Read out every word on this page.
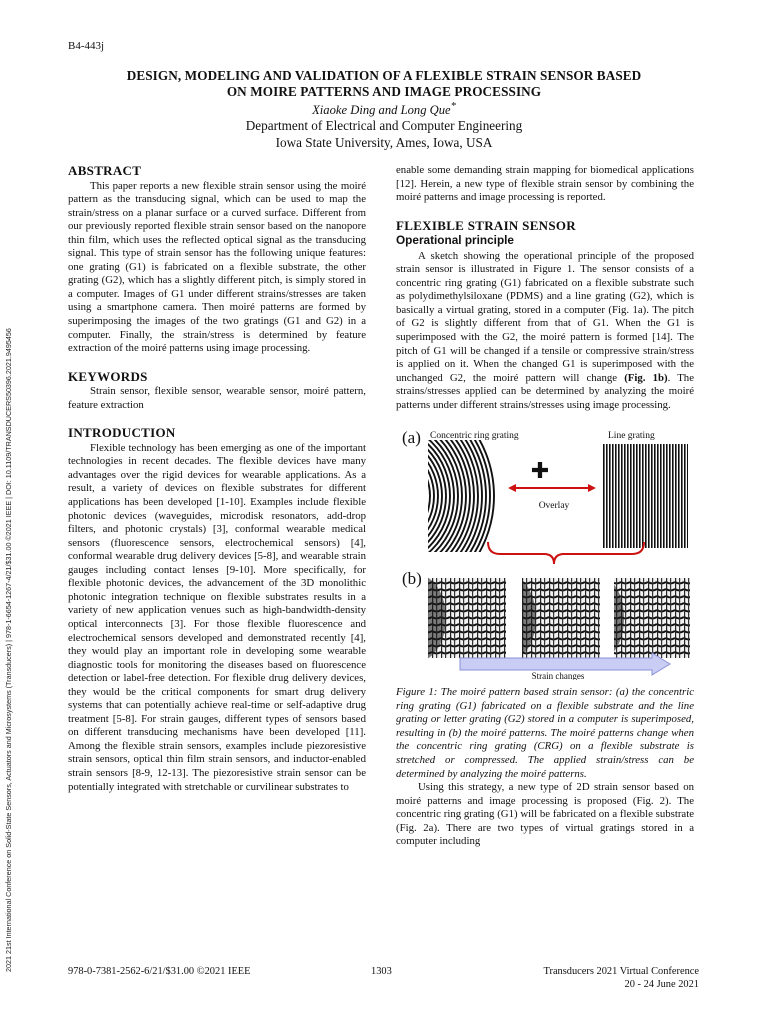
B4-443j
DESIGN, MODELING AND VALIDATION OF A FLEXIBLE STRAIN SENSOR BASED
ON MOIRE PATTERNS AND IMAGE PROCESSING
Xiaoke Ding and Long Que*
Department of Electrical and Computer Engineering
Iowa State University, Ames, Iowa, USA
2021 21st International Conference on Solid-State Sensors, Actuators and Microsystems (Transducers) | 978-1-6654-1267-4/21/$31.00 ©2021 IEEE | DOI: 10.1109/TRANSDUCERS50396.2021.9495456
ABSTRACT

This paper reports a new flexible strain sensor using the moiré pattern as the transducing signal, which can be used to map the strain/stress on a planar surface or a curved surface. Different from our previously reported flexible strain sensor based on the nanopore thin film, which uses the reflected optical signal as the transducing signal. This type of strain sensor has the following unique features: one grating (G1) is fabricated on a flexible substrate, the other grating (G2), which has a slightly different pitch, is simply stored in a computer. Images of G1 under different strains/stresses are taken using a smartphone camera. Then moiré patterns are formed by superimposing the images of the two gratings (G1 and G2) in a computer. Finally, the strain/stress is determined by feature extraction of the moiré patterns using image processing.

KEYWORDS

Strain sensor, flexible sensor, wearable sensor, moiré pattern, feature extraction

INTRODUCTION

Flexible technology has been emerging as one of the important technologies in recent decades. The flexible devices have many advantages over the rigid devices for wearable applications. As a result, a variety of devices on flexible substrates for different applications has been developed [1-10]. Examples include flexible photonic devices (waveguides, microdisk resonators, add-drop filters, and photonic crystals) [3], conformal wearable medical sensors (fluorescence sensors, electrochemical sensors) [4], conformal wearable drug delivery devices [5-8], and wearable strain gauges including contact lenses [9-10]. More specifically, for flexible photonic devices, the advancement of the 3D monolithic photonic integration technique on flexible substrates results in a variety of new application venues such as high-bandwidth-density optical interconnects [3]. For those flexible fluorescence and electrochemical sensors developed and demonstrated recently [4], they would play an important role in developing some wearable diagnostic tools for monitoring the diseases based on fluorescence detection or label-free detection. For flexible drug delivery devices, they would be the critical components for smart drug delivery systems that can potentially achieve real-time or self-adaptive drug treatment [5-8]. For strain gauges, different types of sensors based on different transducing mechanisms have been developed [11]. Among the flexible strain sensors, examples include piezoresistive strain sensors, optical thin film strain sensors, and inductor-enabled strain sensors [8-9, 12-13]. The piezoresistive strain sensor can be potentially integrated with stretchable or curvilinear substrates to

enable some demanding strain mapping for biomedical applications [12]. Herein, a new type of flexible strain sensor by combining the moiré patterns and image processing is reported.

FLEXIBLE STRAIN SENSOR
Operational principle

A sketch showing the operational principle of the proposed strain sensor is illustrated in Figure 1. The sensor consists of a concentric ring grating (G1) fabricated on a flexible substrate such as polydimethylsiloxane (PDMS) and a line grating (G2), which is basically a virtual grating, stored in a computer (Fig. 1a). The pitch of G2 is slightly different from that of G1. When the G1 is superimposed with the G2, the moiré pattern is formed [14]. The pitch of G1 will be changed if a tensile or compressive strain/stress is applied on it. When the changed G1 is superimposed with the unchanged G2, the moiré pattern will change (Fig. 1b). The strains/stresses applied can be determined by analyzing the moiré patterns under different strains/stresses using image processing.

(a) Concentric ring grating	Line grating
✚
Overlay
(b)
Strain changes

Figure 1: The moiré pattern based strain sensor: (a) the concentric ring grating (G1) fabricated on a flexible substrate and the line grating or letter grating (G2) stored in a computer is superimposed, resulting in (b) the moiré patterns. The moiré patterns change when the concentric ring grating (CRG) on a flexible substrate is stretched or compressed. The applied strain/stress can be determined by analyzing the moiré patterns.

Using this strategy, a new type of 2D strain sensor based on moiré patterns and image processing is proposed (Fig. 2). The concentric ring grating (G1) will be fabricated on a flexible substrate (Fig. 2a). There are two types of virtual gratings stored in a computer including

978-0-7381-2562-6/21/$31.00 ©2021 IEEE	1303	Transducers 2021 Virtual Conference
20 - 24 June 2021
